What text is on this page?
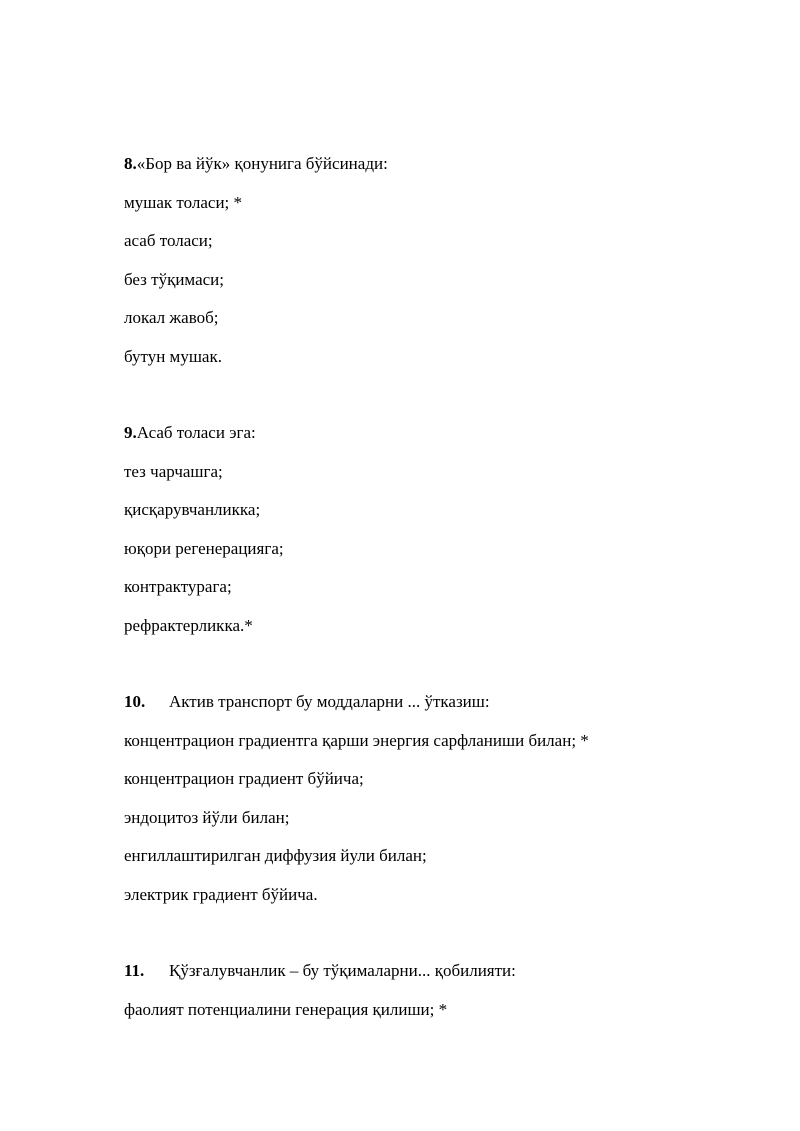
8.«Бор ва йўк» қонунига бўйсинади:
мушак толаси; *
асаб толаси;
без тўқимаси;
локал жавоб;
бутун мушак.
9.Асаб толаси эга:
тез чарчашга;
қисқарувчанликка;
юқори регенерацияга;
контрактурага;
рефрактерликка.*
10. Актив транспорт бу моддаларни ... ўтказиш:
концентрацион градиентга қарши энергия сарфланиши билан; *
концентрацион градиент бўйича;
эндоцитоз йўли билан;
енгиллаштирилган диффузия йули билан;
электрик градиент бўйича.
11. Қўзғалувчанлик – бу тўқималарни... қобилияти:
фаолият потенциалини генерация қилиши; *
